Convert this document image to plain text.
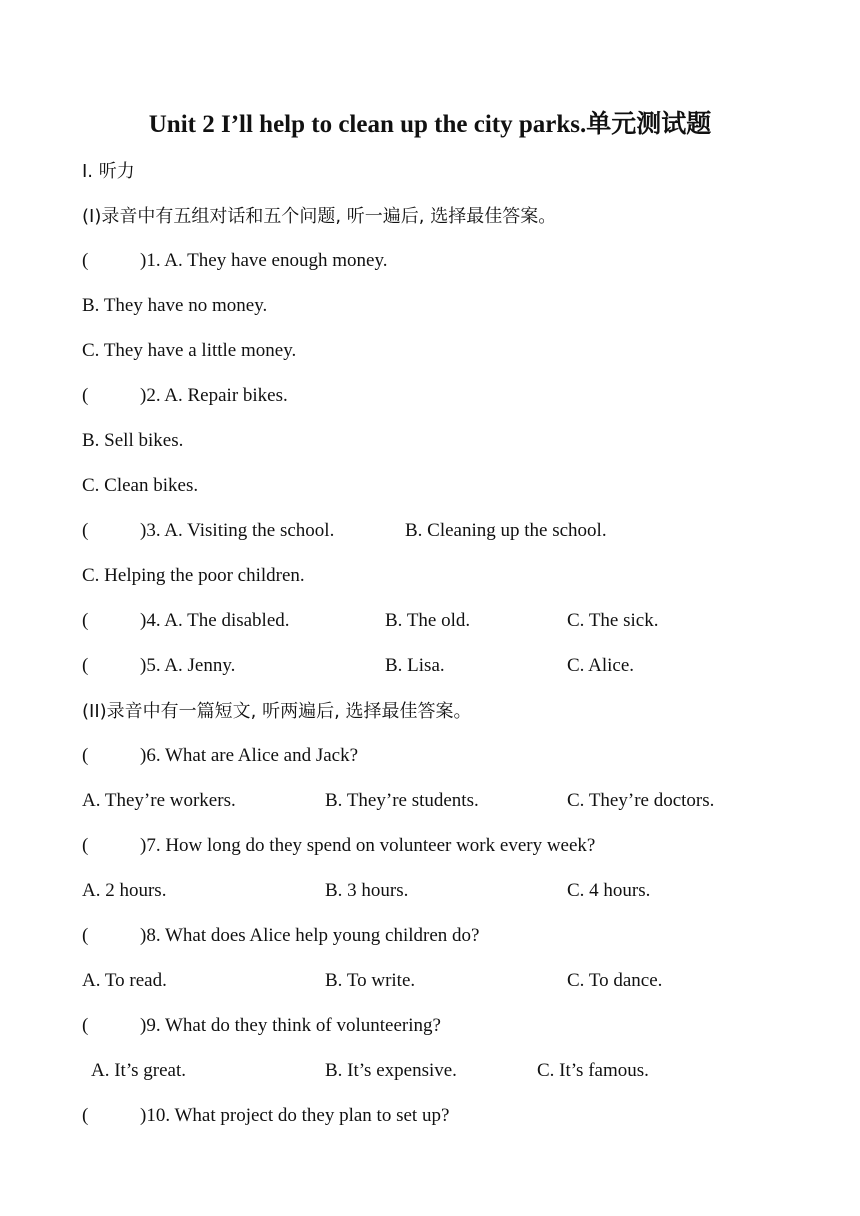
Unit 2 I’ll help to clean up the city parks.单元测试题
I. 听力
(I)录音中有五组对话和五个问题, 听一遍后, 选择最佳答案。
(	)1. A. They have enough money.
B. They have no money.
C. They have a little money.
(	)2. A. Repair bikes.
B. Sell bikes.
C. Clean bikes.
(	)3. A. Visiting the school.	B. Cleaning up the school.
C. Helping the poor children.
(	)4. A. The disabled.	B. The old.	C. The sick.
(	)5. A. Jenny.	B. Lisa.	C. Alice.
(II)录音中有一篇短文, 听两遍后, 选择最佳答案。
(	)6. What are Alice and Jack?
A. They’re workers.	B. They’re students.	C. They’re doctors.
(	)7. How long do they spend on volunteer work every week?
A. 2 hours.	B. 3 hours.	C. 4 hours.
(	)8. What does Alice help young children do?
A. To read.	B. To write.	C. To dance.
(	)9. What do they think of volunteering?
A. It’s great.	B. It’s expensive.	C. It’s famous.
(	)10. What project do they plan to set up?
